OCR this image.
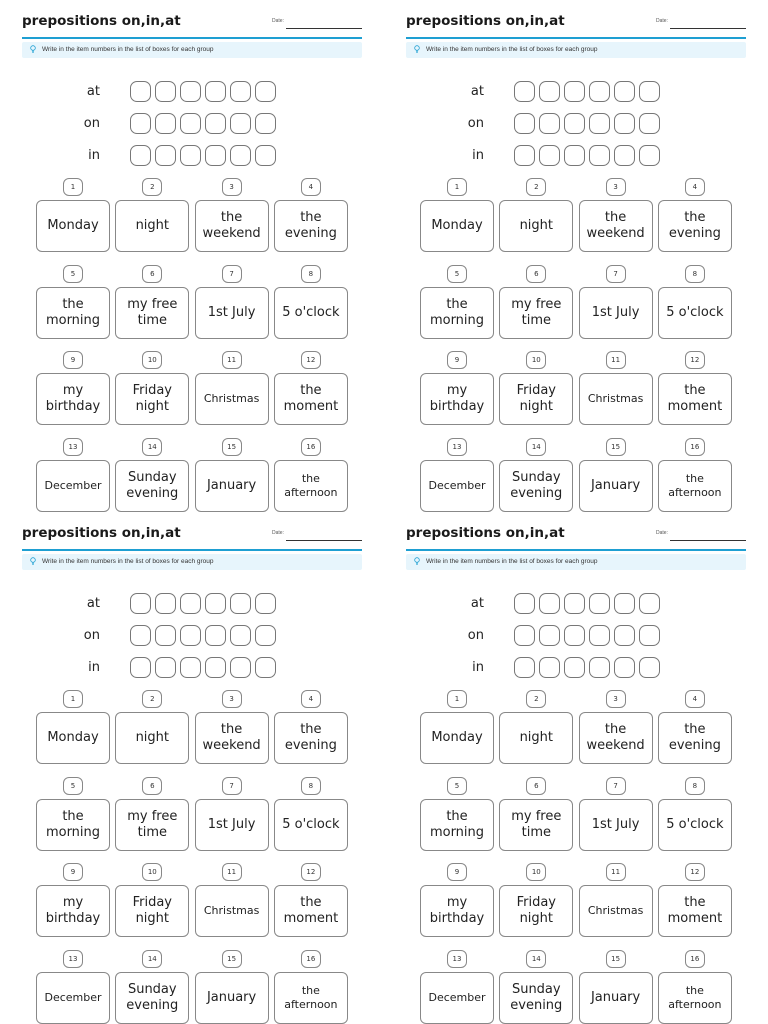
prepositions on,in,at	Date:
Write in the item numbers in the list of boxes for each group
at
on
in
1
Monday
2
night
3
the
weekend
4
the
evening
5
the
morning
6
my free
time
7
1st July
8
5 o'clock
9
my
birthday
10
Friday
night
11
Christmas
12
the
moment
13
December
14
Sunday
evening
15
January
16
the
afternoon
prepositions on,in,at	Date:
Write in the item numbers in the list of boxes for each group
at
on
in
1
Monday
2
night
3
the
weekend
4
the
evening
5
the
morning
6
my free
time
7
1st July
8
5 o'clock
9
my
birthday
10
Friday
night
11
Christmas
12
the
moment
13
December
14
Sunday
evening
15
January
16
the
afternoon
prepositions on,in,at	Date:
Write in the item numbers in the list of boxes for each group
at
on
in
1
Monday
2
night
3
the
weekend
4
the
evening
5
the
morning
6
my free
time
7
1st July
8
5 o'clock
9
my
birthday
10
Friday
night
11
Christmas
12
the
moment
13
December
14
Sunday
evening
15
January
16
the
afternoon
prepositions on,in,at	Date:
Write in the item numbers in the list of boxes for each group
at
on
in
1
Monday
2
night
3
the
weekend
4
the
evening
5
the
morning
6
my free
time
7
1st July
8
5 o'clock
9
my
birthday
10
Friday
night
11
Christmas
12
the
moment
13
December
14
Sunday
evening
15
January
16
the
afternoon
